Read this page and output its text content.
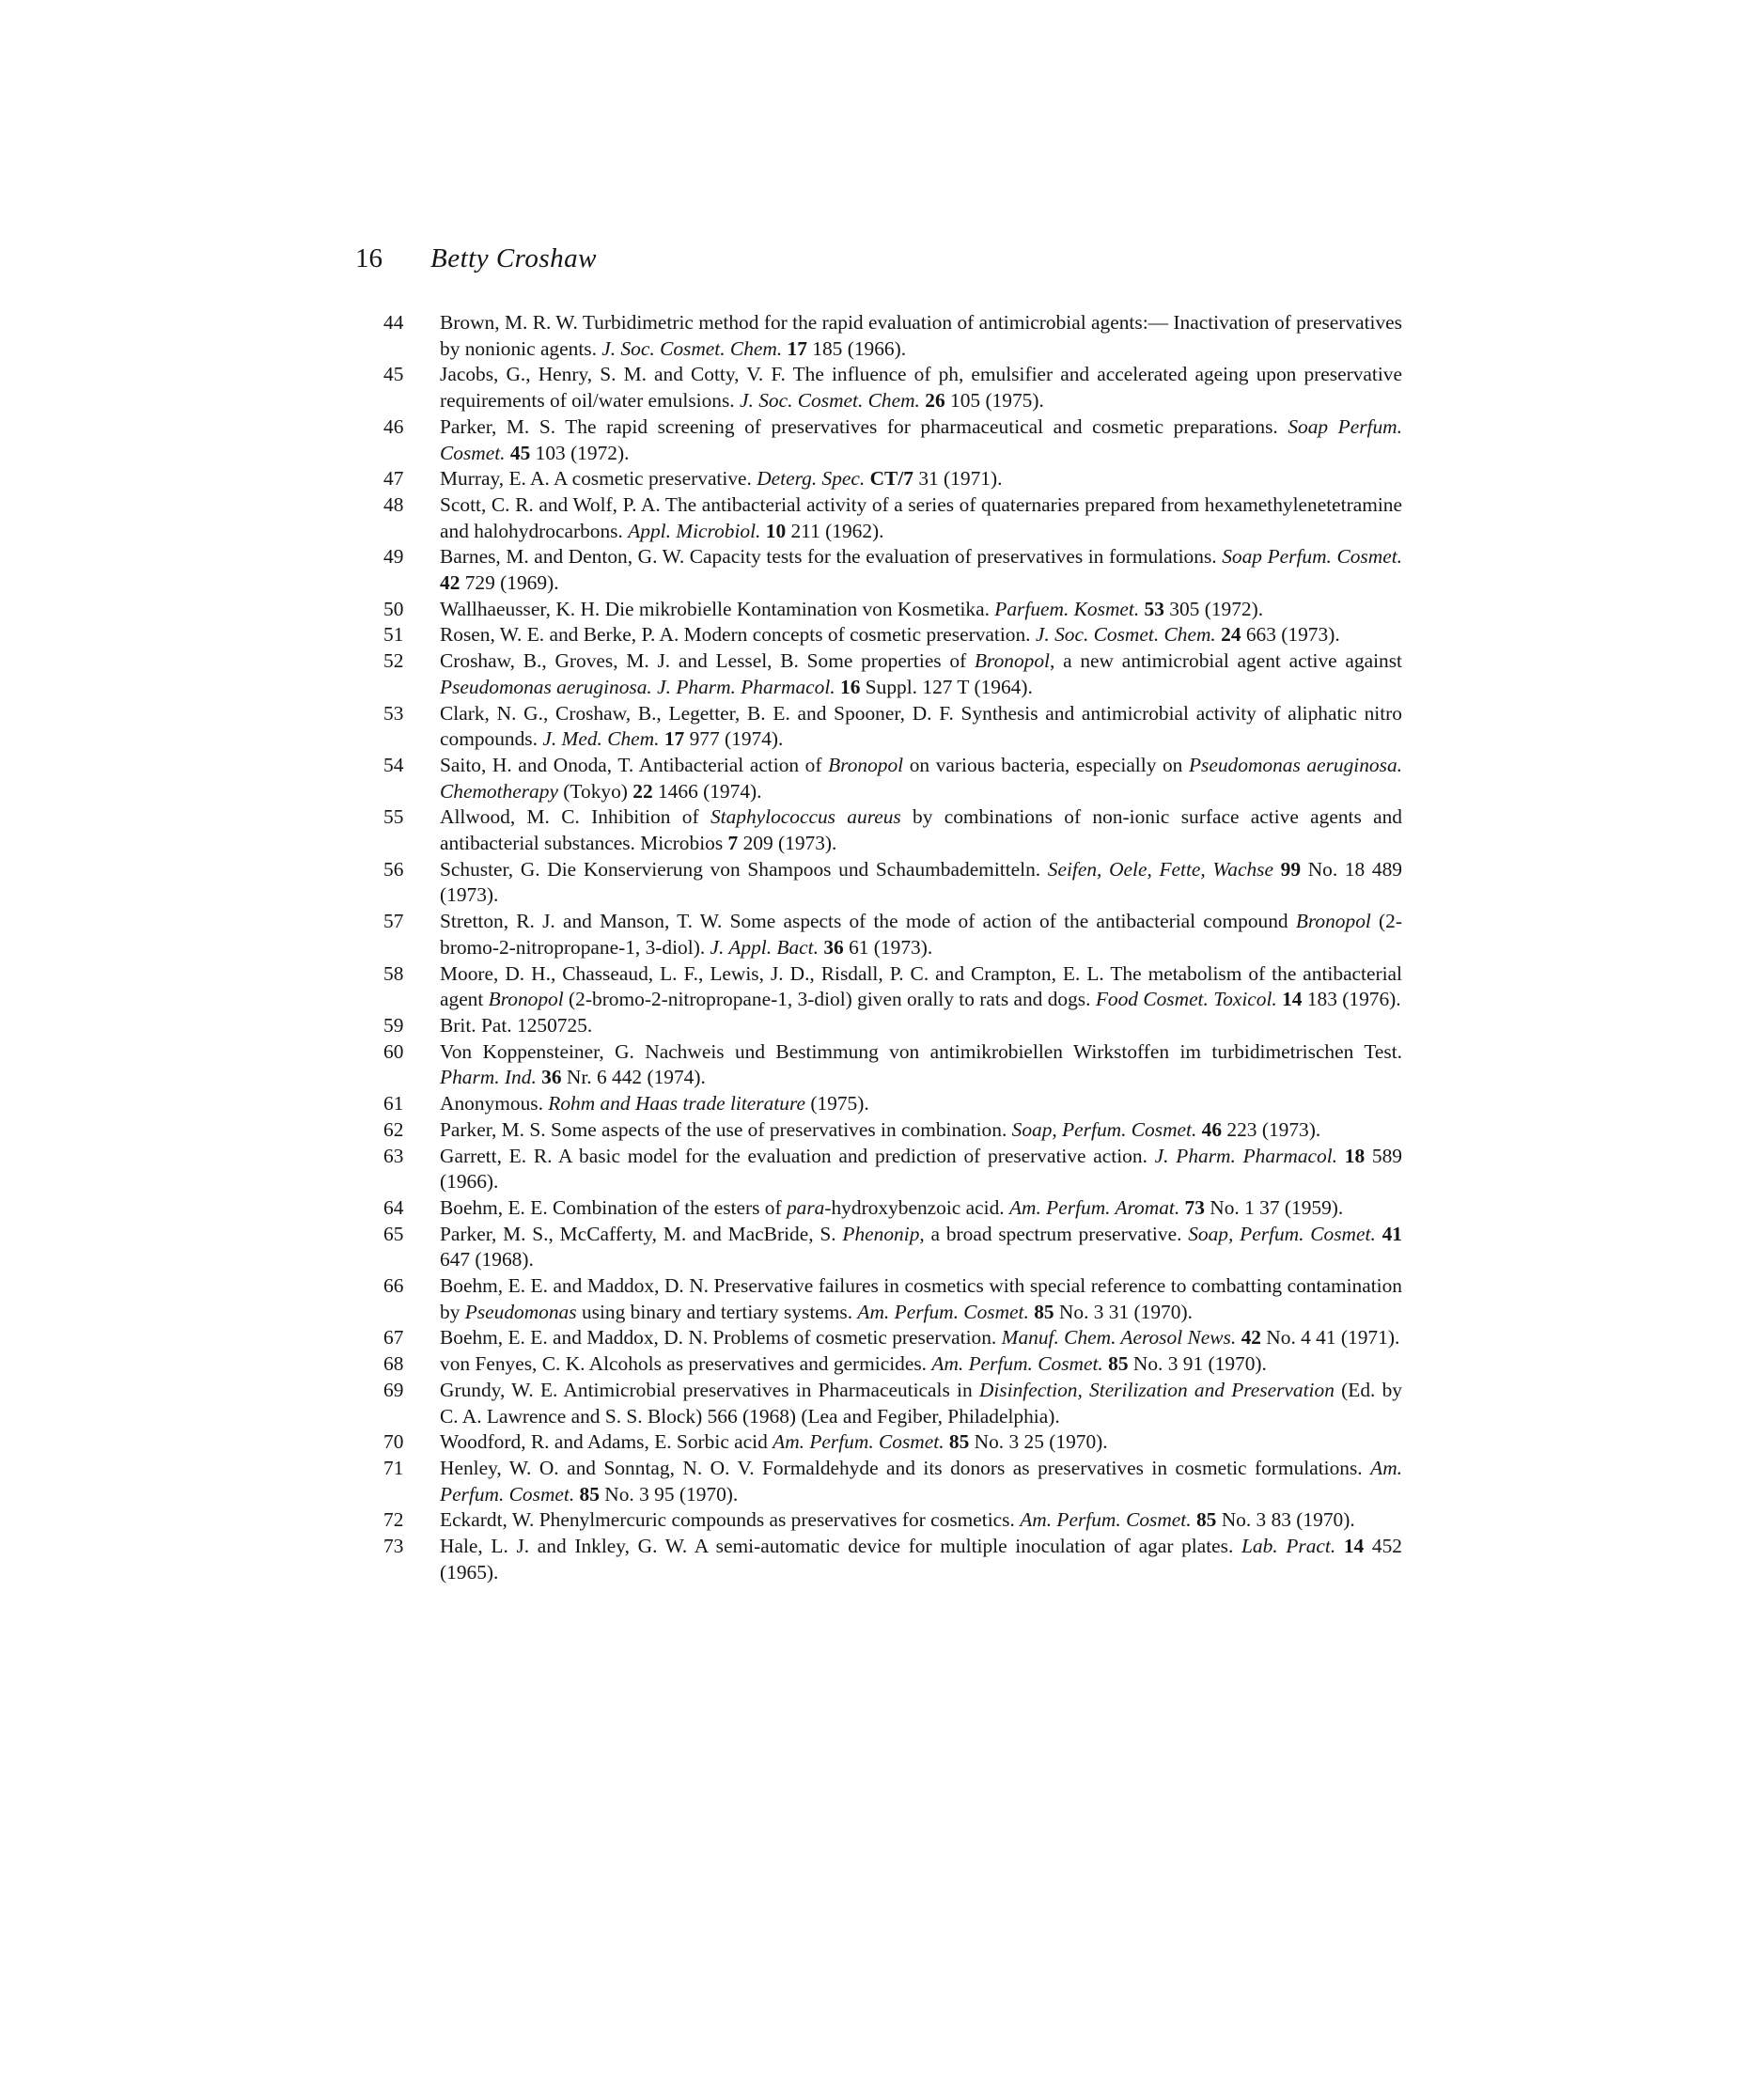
16 Betty Croshaw
44	Brown, M. R. W. Turbidimetric method for the rapid evaluation of antimicrobial agents:— Inactivation of preservatives by nonionic agents. J. Soc. Cosmet. Chem. 17 185 (1966).
45	Jacobs, G., Henry, S. M. and Cotty, V. F. The influence of ph, emulsifier and accelerated ageing upon preservative requirements of oil/water emulsions. J. Soc. Cosmet. Chem. 26 105 (1975).
46	Parker, M. S. The rapid screening of preservatives for pharmaceutical and cosmetic preparations. Soap Perfum. Cosmet. 45 103 (1972).
47	Murray, E. A. A cosmetic preservative. Deterg. Spec. CT/7 31 (1971).
48	Scott, C. R. and Wolf, P. A. The antibacterial activity of a series of quaternaries prepared from hexamethylenetetramine and halohydrocarbons. Appl. Microbiol. 10 211 (1962).
49	Barnes, M. and Denton, G. W. Capacity tests for the evaluation of preservatives in formulations. Soap Perfum. Cosmet. 42 729 (1969).
50	Wallhaeusser, K. H. Die mikrobielle Kontamination von Kosmetika. Parfuem. Kosmet. 53 305 (1972).
51	Rosen, W. E. and Berke, P. A. Modern concepts of cosmetic preservation. J. Soc. Cosmet. Chem. 24 663 (1973).
52	Croshaw, B., Groves, M. J. and Lessel, B. Some properties of Bronopol, a new antimicrobial agent active against Pseudomonas aeruginosa. J. Pharm. Pharmacol. 16 Suppl. 127 T (1964).
53	Clark, N. G., Croshaw, B., Legetter, B. E. and Spooner, D. F. Synthesis and antimicrobial activity of aliphatic nitro compounds. J. Med. Chem. 17 977 (1974).
54	Saito, H. and Onoda, T. Antibacterial action of Bronopol on various bacteria, especially on Pseudomonas aeruginosa. Chemotherapy (Tokyo) 22 1466 (1974).
55	Allwood, M. C. Inhibition of Staphylococcus aureus by combinations of non-ionic surface active agents and antibacterial substances. Microbios 7 209 (1973).
56	Schuster, G. Die Konservierung von Shampoos und Schaumbademitteln. Seifen, Oele, Fette, Wachse 99 No. 18 489 (1973).
57	Stretton, R. J. and Manson, T. W. Some aspects of the mode of action of the antibacterial compound Bronopol (2-bromo-2-nitropropane-1, 3-diol). J. Appl. Bact. 36 61 (1973).
58	Moore, D. H., Chasseaud, L. F., Lewis, J. D., Risdall, P. C. and Crampton, E. L. The metabolism of the antibacterial agent Bronopol (2-bromo-2-nitropropane-1, 3-diol) given orally to rats and dogs. Food Cosmet. Toxicol. 14 183 (1976).
59	Brit. Pat. 1250725.
60	Von Koppensteiner, G. Nachweis und Bestimmung von antimikrobiellen Wirkstoffen im turbidimetrischen Test. Pharm. Ind. 36 Nr. 6 442 (1974).
61	Anonymous. Rohm and Haas trade literature (1975).
62	Parker, M. S. Some aspects of the use of preservatives in combination. Soap, Perfum. Cosmet. 46 223 (1973).
63	Garrett, E. R. A basic model for the evaluation and prediction of preservative action. J. Pharm. Pharmacol. 18 589 (1966).
64	Boehm, E. E. Combination of the esters of para-hydroxybenzoic acid. Am. Perfum. Aromat. 73 No. 1 37 (1959).
65	Parker, M. S., McCafferty, M. and MacBride, S. Phenonip, a broad spectrum preservative. Soap, Perfum. Cosmet. 41 647 (1968).
66	Boehm, E. E. and Maddox, D. N. Preservative failures in cosmetics with special reference to combatting contamination by Pseudomonas using binary and tertiary systems. Am. Perfum. Cosmet. 85 No. 3 31 (1970).
67	Boehm, E. E. and Maddox, D. N. Problems of cosmetic preservation. Manuf. Chem. Aerosol News. 42 No. 4 41 (1971).
68	von Fenyes, C. K. Alcohols as preservatives and germicides. Am. Perfum. Cosmet. 85 No. 3 91 (1970).
69	Grundy, W. E. Antimicrobial preservatives in Pharmaceuticals in Disinfection, Sterilization and Preservation (Ed. by C. A. Lawrence and S. S. Block) 566 (1968) (Lea and Fegiber, Philadelphia).
70	Woodford, R. and Adams, E. Sorbic acid Am. Perfum. Cosmet. 85 No. 3 25 (1970).
71	Henley, W. O. and Sonntag, N. O. V. Formaldehyde and its donors as preservatives in cosmetic formulations. Am. Perfum. Cosmet. 85 No. 3 95 (1970).
72	Eckardt, W. Phenylmercuric compounds as preservatives for cosmetics. Am. Perfum. Cosmet. 85 No. 3 83 (1970).
73	Hale, L. J. and Inkley, G. W. A semi-automatic device for multiple inoculation of agar plates. Lab. Pract. 14 452 (1965).
